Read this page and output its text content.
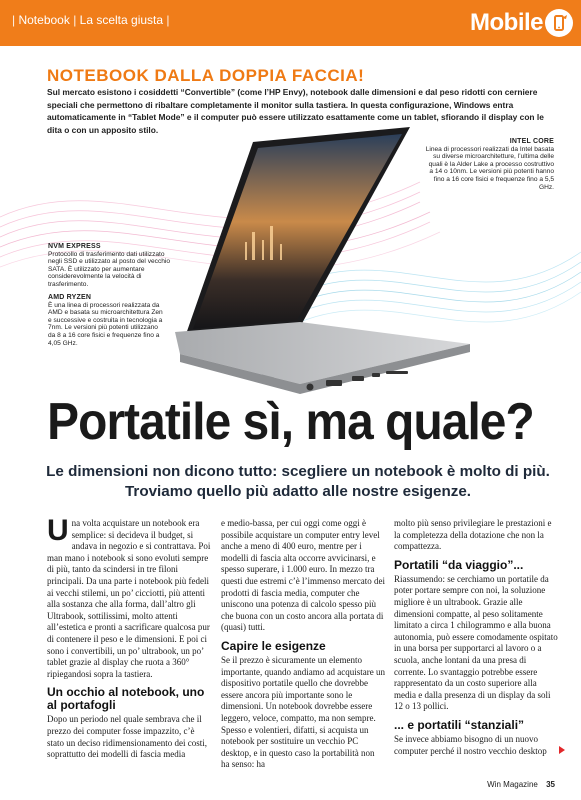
| Notebook | La scelta giusta |	Mobile
NOTEBOOK DALLA DOPPIA FACCIA!
Sul mercato esistono i cosiddetti “Convertible” (come l’HP Envy), notebook dalle dimensioni e dal peso ridotti con cerniere speciali che permettono di ribaltare completamente il monitor sulla tastiera. In questa configurazione, Windows entra automaticamente in “Tablet Mode” e il computer può essere utilizzato esattamente come un tablet, sfiorando il display con le dita o con un apposito stilo.
INTEL CORE
Linea di processori realizzati da Intel basata su diverse microarchitetture, l’ultima delle quali è la Alder Lake a processo costruttivo a 14 o 10nm. Le versioni più potenti hanno fino a 16 core fisici e frequenze fino a 5,5 GHz.
NVM EXPRESS
Protocollo di trasferimento dati utilizzato negli SSD e utilizzato al posto del vecchio SATA. È utilizzato per aumentare considerevolmente la velocità di trasferimento.
AMD RYZEN
È una linea di processori realizzata da AMD e basata su microarchitettura Zen e successive e costruita in tecnologia a 7nm. Le versioni più potenti utilizzano da 8 a 16 core fisici e frequenze fino a 4,05 GHz.
Portatile sì, ma quale?
Le dimensioni non dicono tutto: scegliere un notebook è molto di più. Troviamo quello più adatto alle nostre esigenze.

Una volta acquistare un notebook era semplice: si decideva il budget, si andava in negozio e si contrattava. Poi man mano i notebook si sono evoluti sempre di più, tanto da scindersi in tre filoni principali. Da una parte i notebook più fedeli ai vecchi stilemi, un po’ cicciotti, più attenti alla sostanza che alla forma, dall’altro gli Ultrabook, sottilissimi, molto attenti all’estetica e pronti a sacrificare qualcosa pur di contenere il peso e le dimensioni. E poi ci sono i convertibili, un po’ ultrabook, un po’ tablet grazie al display che ruota a 360° ripiegandosi sopra la tastiera.

Un occhio al notebook, uno al portafogli

Dopo un periodo nel quale sembrava che il prezzo dei computer fosse impazzito, c’è stato un deciso ridimensionamento dei costi, soprattutto dei modelli di fascia media

e medio-bassa, per cui oggi come oggi è possibile acquistare un computer entry level anche a meno di 400 euro, mentre per i modelli di fascia alta occorre avvicinarsi, e spesso superare, i 1.000 euro. In mezzo tra questi due estremi c’è l’immenso mercato dei prodotti di fascia media, computer che uniscono una potenza di calcolo spesso più che buona con un costo ancora alla portata di (quasi) tutti.

Capire le esigenze

Se il prezzo è sicuramente un elemento importante, quando andiamo ad acquistare un dispositivo portatile quello che dovrebbe essere ancora più importante sono le dimensioni. Un notebook dovrebbe essere leggero, veloce, compatto, ma non sempre. Spesso e volentieri, difatti, si acquista un notebook per sostituire un vecchio PC desktop, e in questo caso la portabilità non ha senso: ha

molto più senso privilegiare le prestazioni e la completezza della dotazione che non la compattezza.

Portatili “da viaggio”...

Riassumendo: se cerchiamo un portatile da poter portare sempre con noi, la soluzione migliore è un ultrabook. Grazie alle dimensioni compatte, al peso solitamente limitato a circa 1 chilogrammo e alla buona autonomia, può essere comodamente ospitato in una borsa per supportarci al lavoro o a scuola, anche lontani da una presa di corrente. Lo svantaggio potrebbe essere rappresentato da un costo superiore alla media e dalla presenza di un display da soli 12 o 13 pollici.

... e portatili “stanziali”

Se invece abbiamo bisogno di un nuovo computer perché il nostro vecchio desktop

Win Magazine 35
